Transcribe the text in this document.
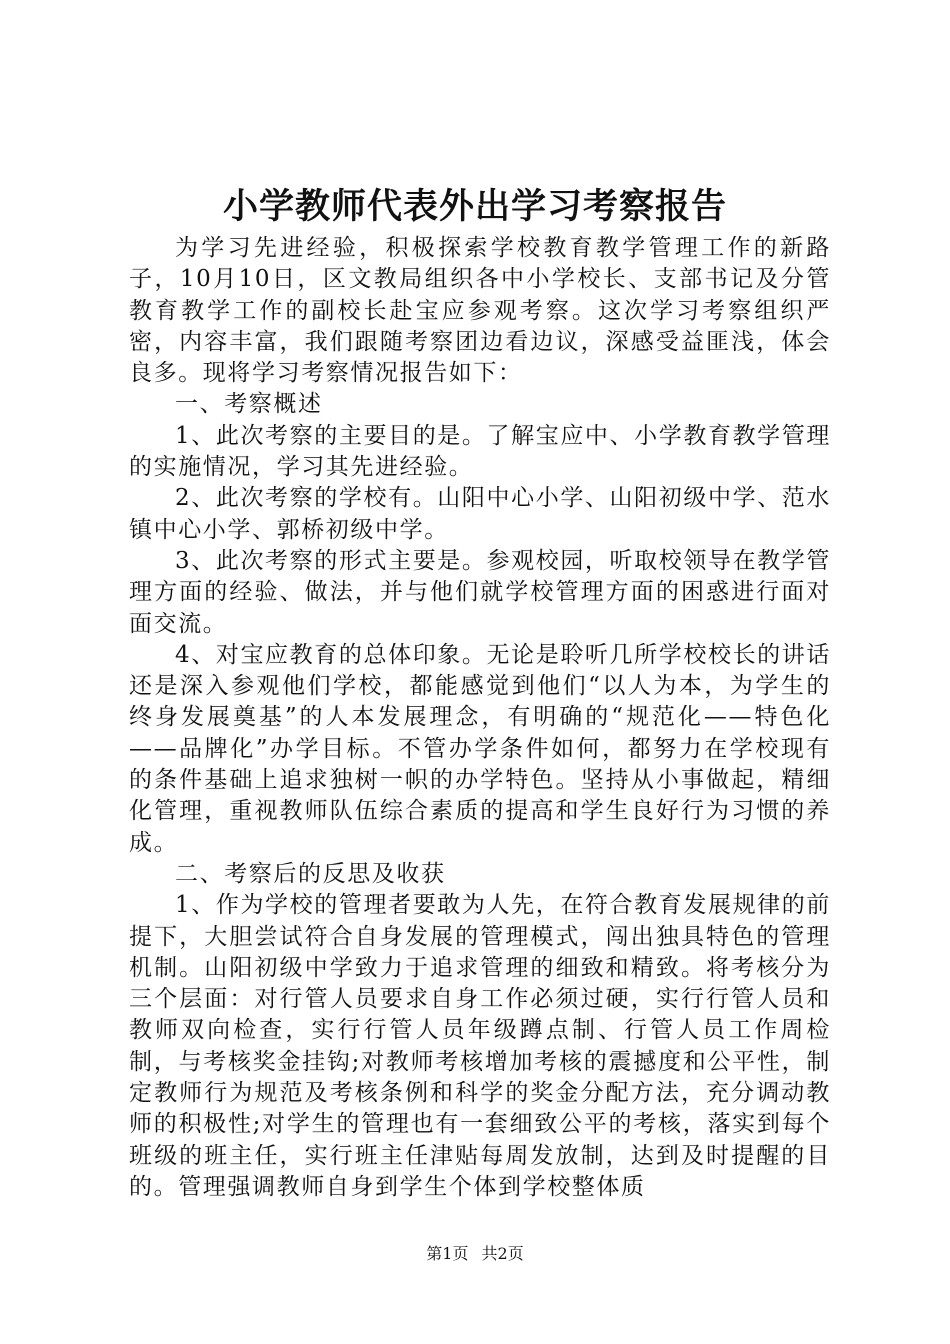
小学教师代表外出学习考察报告

为学习先进经验，积极探索学校教育教学管理工作的新路子，10月10日，区文教局组织各中小学校长、支部书记及分管教育教学工作的副校长赴宝应参观考察。这次学习考察组织严密，内容丰富，我们跟随考察团边看边议，深感受益匪浅，体会良多。现将学习考察情况报告如下：

一、考察概述

1、此次考察的主要目的是。了解宝应中、小学教育教学管理的实施情况，学习其先进经验。

2、此次考察的学校有。山阳中心小学、山阳初级中学、范水镇中心小学、郭桥初级中学。

3、此次考察的形式主要是。参观校园，听取校领导在教学管理方面的经验、做法，并与他们就学校管理方面的困惑进行面对面交流。

4、对宝应教育的总体印象。无论是聆听几所学校校长的讲话还是深入参观他们学校，都能感觉到他们“以人为本，为学生的终身发展奠基”的人本发展理念，有明确的“规范化——特色化——品牌化”办学目标。不管办学条件如何，都努力在学校现有的条件基础上追求独树一帜的办学特色。坚持从小事做起，精细化管理，重视教师队伍综合素质的提高和学生良好行为习惯的养成。

二、考察后的反思及收获

1、作为学校的管理者要敢为人先，在符合教育发展规律的前提下，大胆尝试符合自身发展的管理模式，闯出独具特色的管理机制。山阳初级中学致力于追求管理的细致和精致。将考核分为三个层面：对行管人员要求自身工作必须过硬，实行行管人员和教师双向检查，实行行管人员年级蹲点制、行管人员工作周检制，与考核奖金挂钩;对教师考核增加考核的震撼度和公平性，制定教师行为规范及考核条例和科学的奖金分配方法，充分调动教师的积极性;对学生的管理也有一套细致公平的考核，落实到每个班级的班主任，实行班主任津贴每周发放制，达到及时提醒的目的。管理强调教师自身到学生个体到学校整体质

第1页 共2页
